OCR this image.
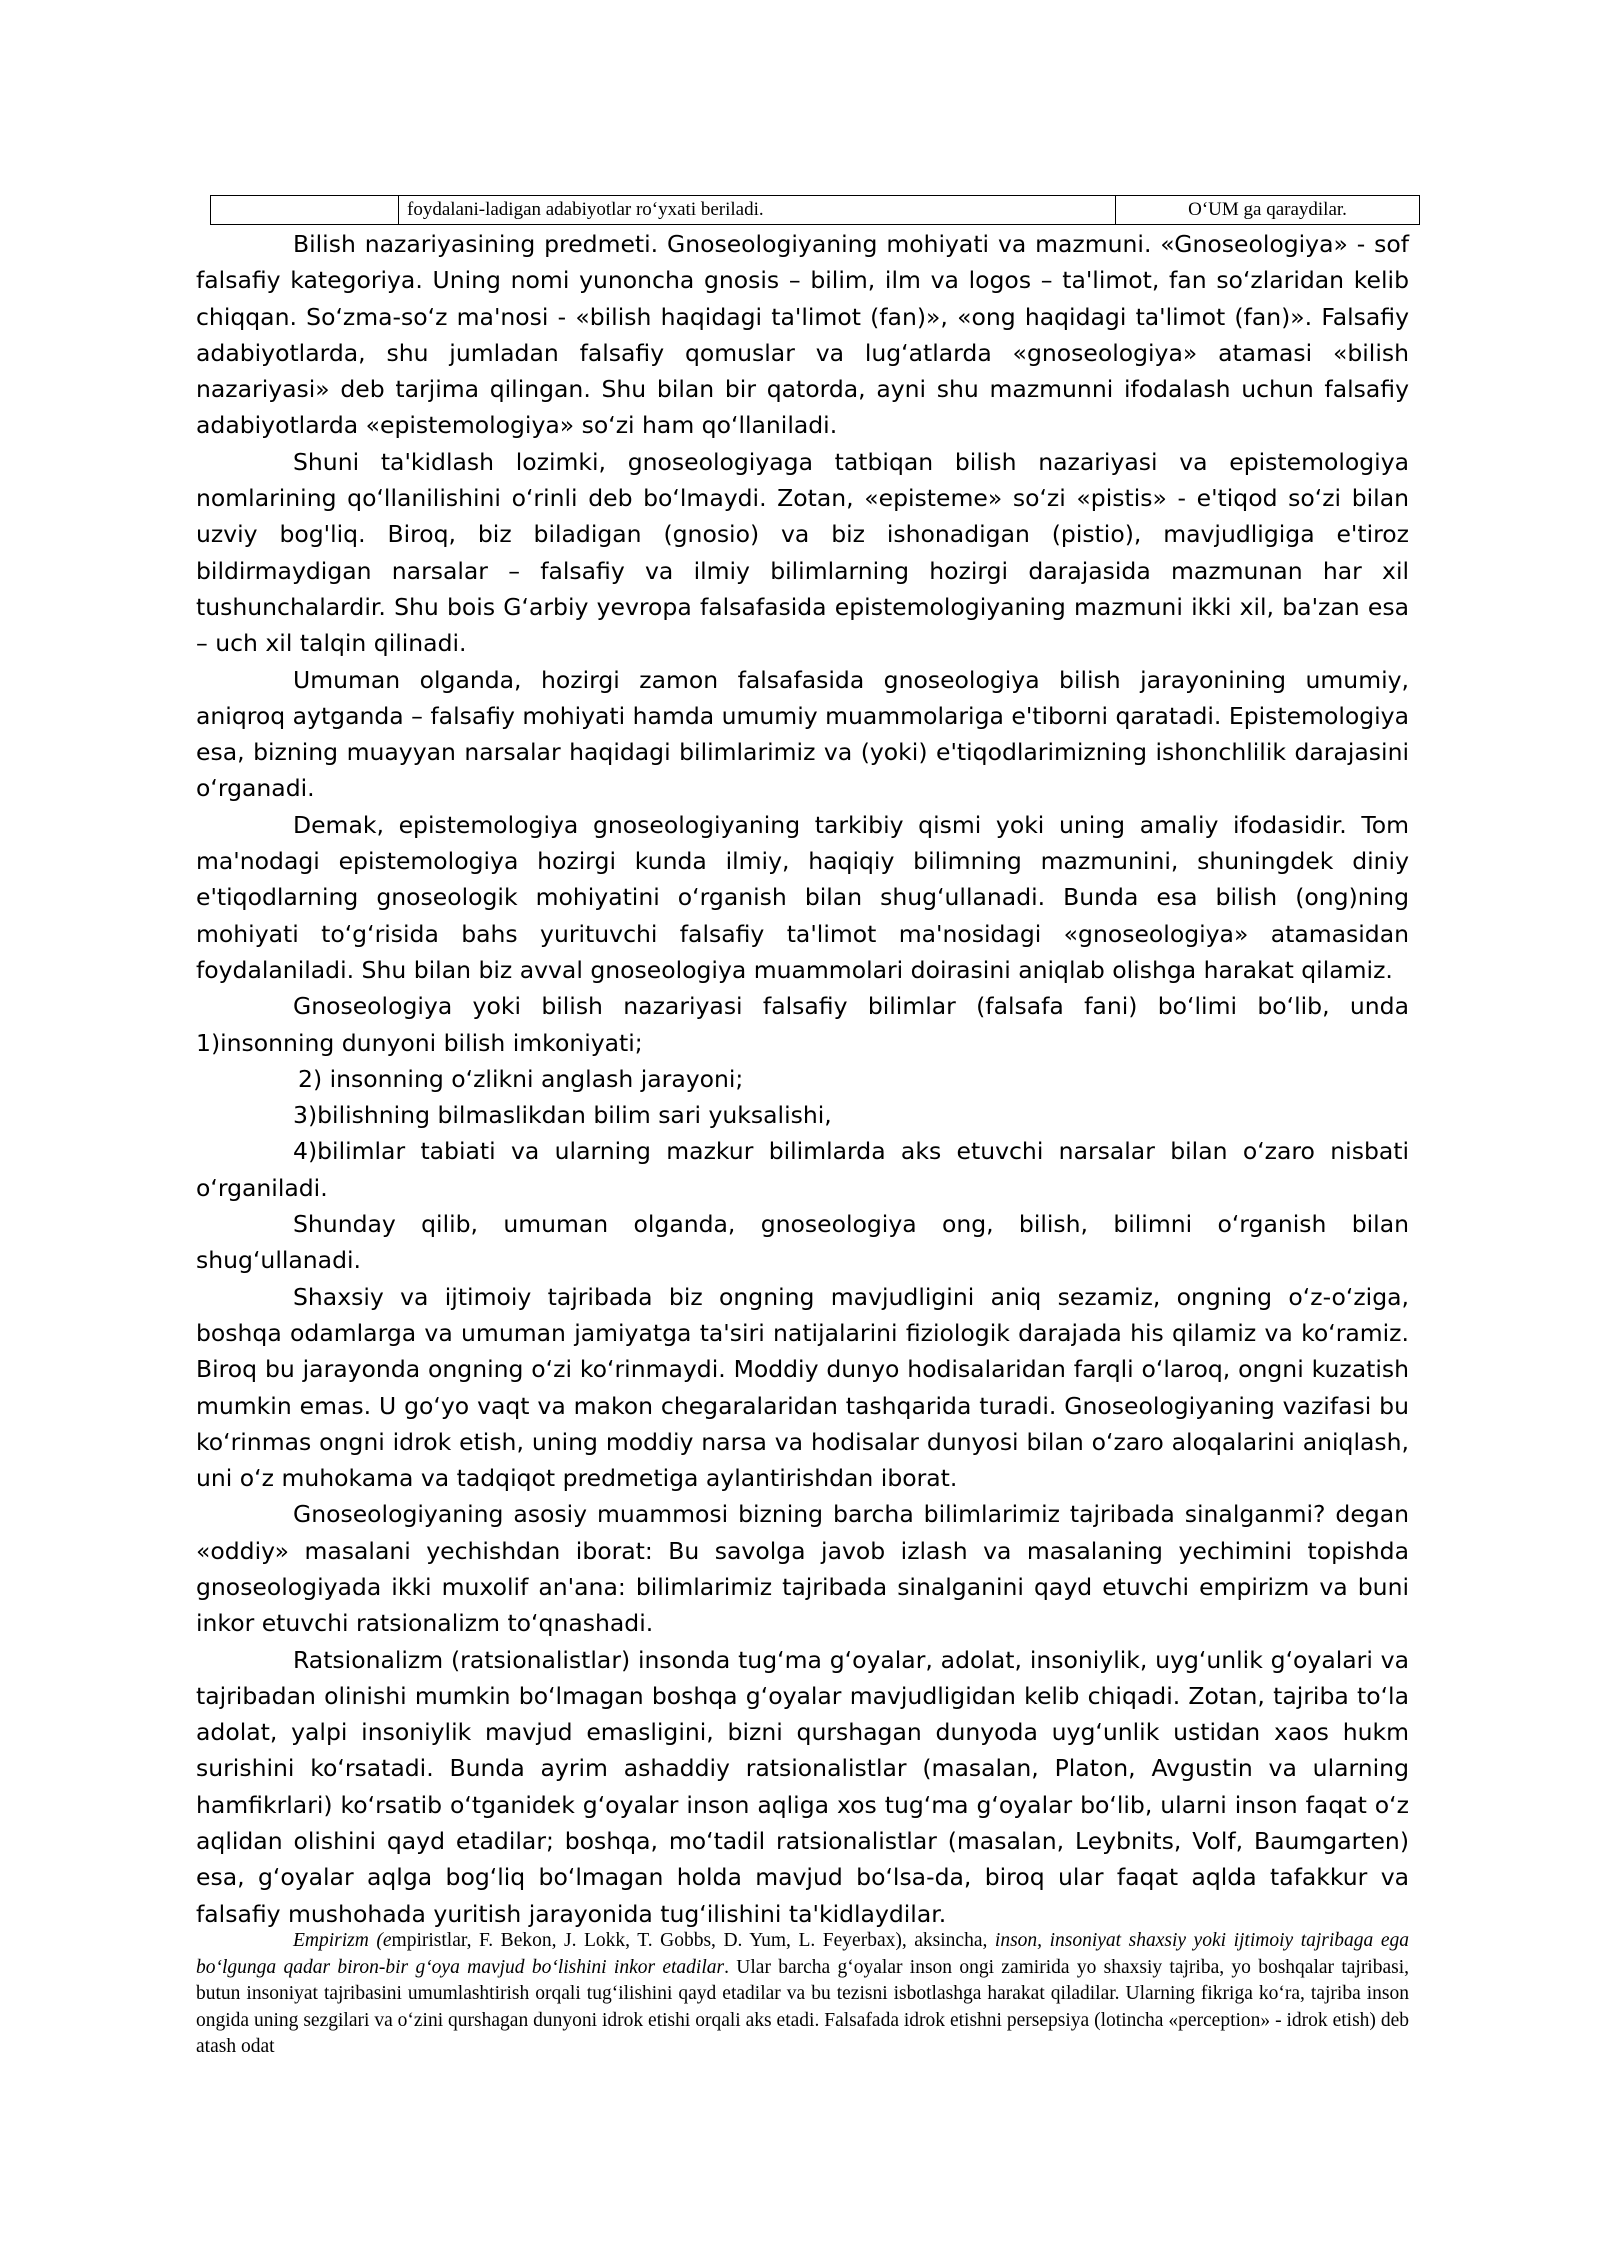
	foydalani-ladigan adabiyotlar ro‘yxati beriladi.	O‘UM ga qaraydilar.

Bilish nazariyasining predmeti. Gnoseologiyaning mohiyati va mazmuni. «Gnoseologiya» - sof falsafiy kategoriya. Uning nomi yunoncha gnosis – bilim, ilm va logos – ta'limot, fan so‘zlaridan kelib chiqqan. So‘zma-so‘z ma'nosi - «bilish haqidagi ta'limot (fan)», «ong haqidagi ta'limot (fan)». Falsafiy adabiyotlarda, shu jumladan falsafiy qomuslar va lug‘atlarda «gnoseologiya» atamasi «bilish nazariyasi» deb tarjima qilingan. Shu bilan bir qatorda, ayni shu mazmunni ifodalash uchun falsafiy adabiyotlarda «epistemologiya» so‘zi ham qo‘llaniladi.

Shuni ta'kidlash lozimki, gnoseologiyaga tatbiqan bilish nazariyasi va epistemologiya nomlarining qo‘llanilishini o‘rinli deb bo‘lmaydi. Zotan, «episteme» so‘zi «pistis» - e'tiqod so‘zi bilan uzviy bog'liq. Biroq, biz biladigan (gnosio) va biz ishonadigan (pistio), mavjudligiga e'tiroz bildirmaydigan narsalar – falsafiy va ilmiy bilimlarning hozirgi darajasida mazmunan har xil tushunchalardir. Shu bois G‘arbiy yevropa falsafasida epistemologiyaning mazmuni ikki xil, ba'zan esa – uch xil talqin qilinadi.

Umuman olganda, hozirgi zamon falsafasida gnoseologiya bilish jarayonining umumiy, aniqroq aytganda – falsafiy mohiyati hamda umumiy muammolariga e'tiborni qaratadi. Epistemologiya esa, bizning muayyan narsalar haqidagi bilimlarimiz va (yoki) e'tiqodlarimizning ishonchlilik darajasini o‘rganadi.

Demak, epistemologiya gnoseologiyaning tarkibiy qismi yoki uning amaliy ifodasidir. Tom ma'nodagi epistemologiya hozirgi kunda ilmiy, haqiqiy bilimning mazmunini, shuningdek diniy e'tiqodlarning gnoseologik mohiyatini o‘rganish bilan shug‘ullanadi. Bunda esa bilish (ong)ning mohiyati to‘g‘risida bahs yurituvchi falsafiy ta'limot ma'nosidagi «gnoseologiya» atamasidan foydalaniladi. Shu bilan biz avval gnoseologiya muammolari doirasini aniqlab olishga harakat qilamiz.

Gnoseologiya yoki bilish nazariyasi falsafiy bilimlar (falsafa fani) bo‘limi bo‘lib, unda 1)insonning dunyoni bilish imkoniyati;

2) insonning o‘zlikni anglash jarayoni;

3)bilishning bilmaslikdan bilim sari yuksalishi,

4)bilimlar tabiati va ularning mazkur bilimlarda aks etuvchi narsalar bilan o‘zaro nisbati o‘rganiladi.

Shunday qilib, umuman olganda, gnoseologiya ong, bilish, bilimni o‘rganish bilan shug‘ullanadi.

Shaxsiy va ijtimoiy tajribada biz ongning mavjudligini aniq sezamiz, ongning o‘z-o‘ziga, boshqa odamlarga va umuman jamiyatga ta'siri natijalarini fiziologik darajada his qilamiz va ko‘ramiz. Biroq bu jarayonda ongning o‘zi ko‘rinmaydi. Moddiy dunyo hodisalaridan farqli o‘laroq, ongni kuzatish mumkin emas. U go‘yo vaqt va makon chegaralaridan tashqarida turadi. Gnoseologiyaning vazifasi bu ko‘rinmas ongni idrok etish, uning moddiy narsa va hodisalar dunyosi bilan o‘zaro aloqalarini aniqlash, uni o‘z muhokama va tadqiqot predmetiga aylantirishdan iborat.

Gnoseologiyaning asosiy muammosi bizning barcha bilimlarimiz tajribada sinalganmi? degan «oddiy» masalani yechishdan iborat: Bu savolga javob izlash va masalaning yechimini topishda gnoseologiyada ikki muxolif an'ana: bilimlarimiz tajribada sinalganini qayd etuvchi empirizm va buni inkor etuvchi ratsionalizm to‘qnashadi.

Ratsionalizm (ratsionalistlar) insonda tug‘ma g‘oyalar, adolat, insoniylik, uyg‘unlik g‘oyalari va tajribadan olinishi mumkin bo‘lmagan boshqa g‘oyalar mavjudligidan kelib chiqadi. Zotan, tajriba to‘la adolat, yalpi insoniylik mavjud emasligini, bizni qurshagan dunyoda uyg‘unlik ustidan xaos hukm surishini ko‘rsatadi. Bunda ayrim ashaddiy ratsionalistlar (masalan, Platon, Avgustin va ularning hamfikrlari) ko‘rsatib o‘tganidek g‘oyalar inson aqliga xos tug‘ma g‘oyalar bo‘lib, ularni inson faqat o‘z aqlidan olishini qayd etadilar; boshqa, mo‘tadil ratsionalistlar (masalan, Leybnits, Volf, Baumgarten) esa, g‘oyalar aqlga bog‘liq bo‘lmagan holda mavjud bo‘lsa-da, biroq ular faqat aqlda tafakkur va falsafiy mushohada yuritish jarayonida tug‘ilishini ta'kidlaydilar.

Empirizm (empiristlar, F. Bekon, J. Lokk, T. Gobbs, D. Yum, L. Feyerbax), aksincha, inson, insoniyat shaxsiy yoki ijtimoiy tajribaga ega bo‘lgunga qadar biron-bir g‘oya mavjud bo‘lishini inkor etadilar. Ular barcha g‘oyalar inson ongi zamirida yo shaxsiy tajriba, yo boshqalar tajribasi, butun insoniyat tajribasini umumlashtirish orqali tug‘ilishini qayd etadilar va bu tezisni isbotlashga harakat qiladilar. Ularning fikriga ko‘ra, tajriba inson ongida uning sezgilari va o‘zini qurshagan dunyoni idrok etishi orqali aks etadi. Falsafada idrok etishni persepsiya (lotincha «perception» - idrok etish) deb atash odat
